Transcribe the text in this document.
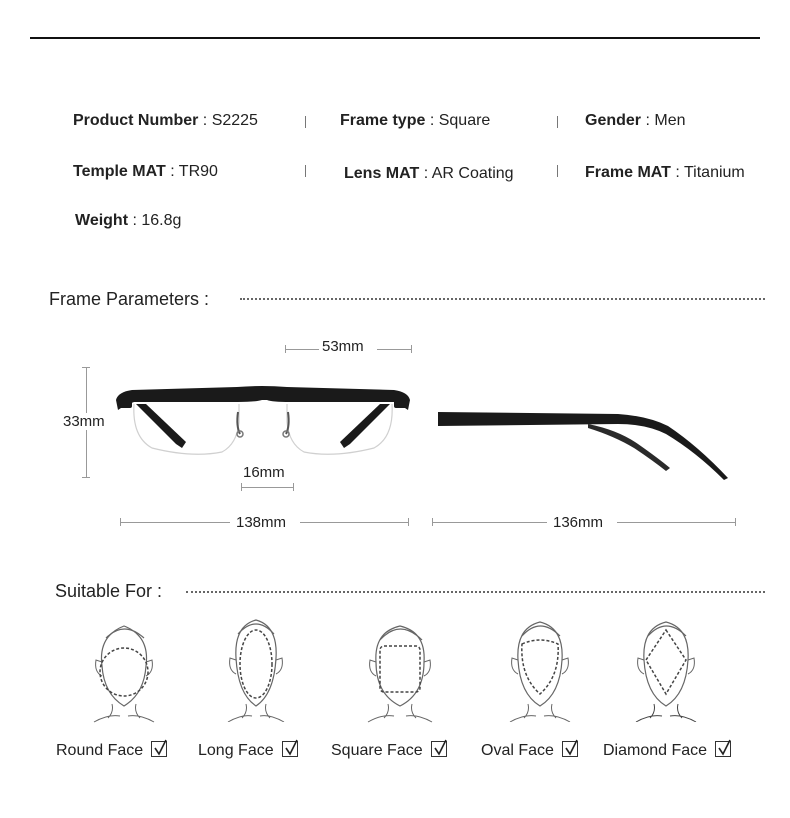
Product Number : S2225	Frame type : Square	Gender : Men
Temple MAT : TR90	Lens MAT : AR Coating	Frame MAT : Titanium
Weight : 16.8g
Frame Parameters :
53mm
33mm
16mm
138mm	136mm
Suitable For :
Round Face	Long Face	Square Face	Oval Face	Diamond Face
